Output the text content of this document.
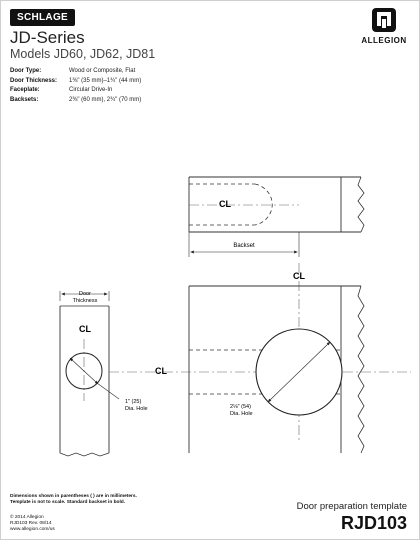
SCHLAGE
JD-Series
Models JD60, JD62, JD81
ALLEGION
Door Type:	Wood or Composite, Flat
Door Thickness:	1⅜" (35 mm)–1¾" (44 mm)
Faceplate:	Circular Drive-In
Backsets:	2⅜" (60 mm), 2¾" (70 mm)
CL
Backset
CL
Door
Thickness
CL
1" (25)
Dia. Hole
CL
2⅛" (54)
Dia. Hole
Dimensions shown in parentheses ( ) are in millimeters.
Template is not to scale. Standard backset in bold.
© 2014 Allegion
RJD103 Rev. 08/14
www.allegion.com/us
Door preparation template
RJD103
